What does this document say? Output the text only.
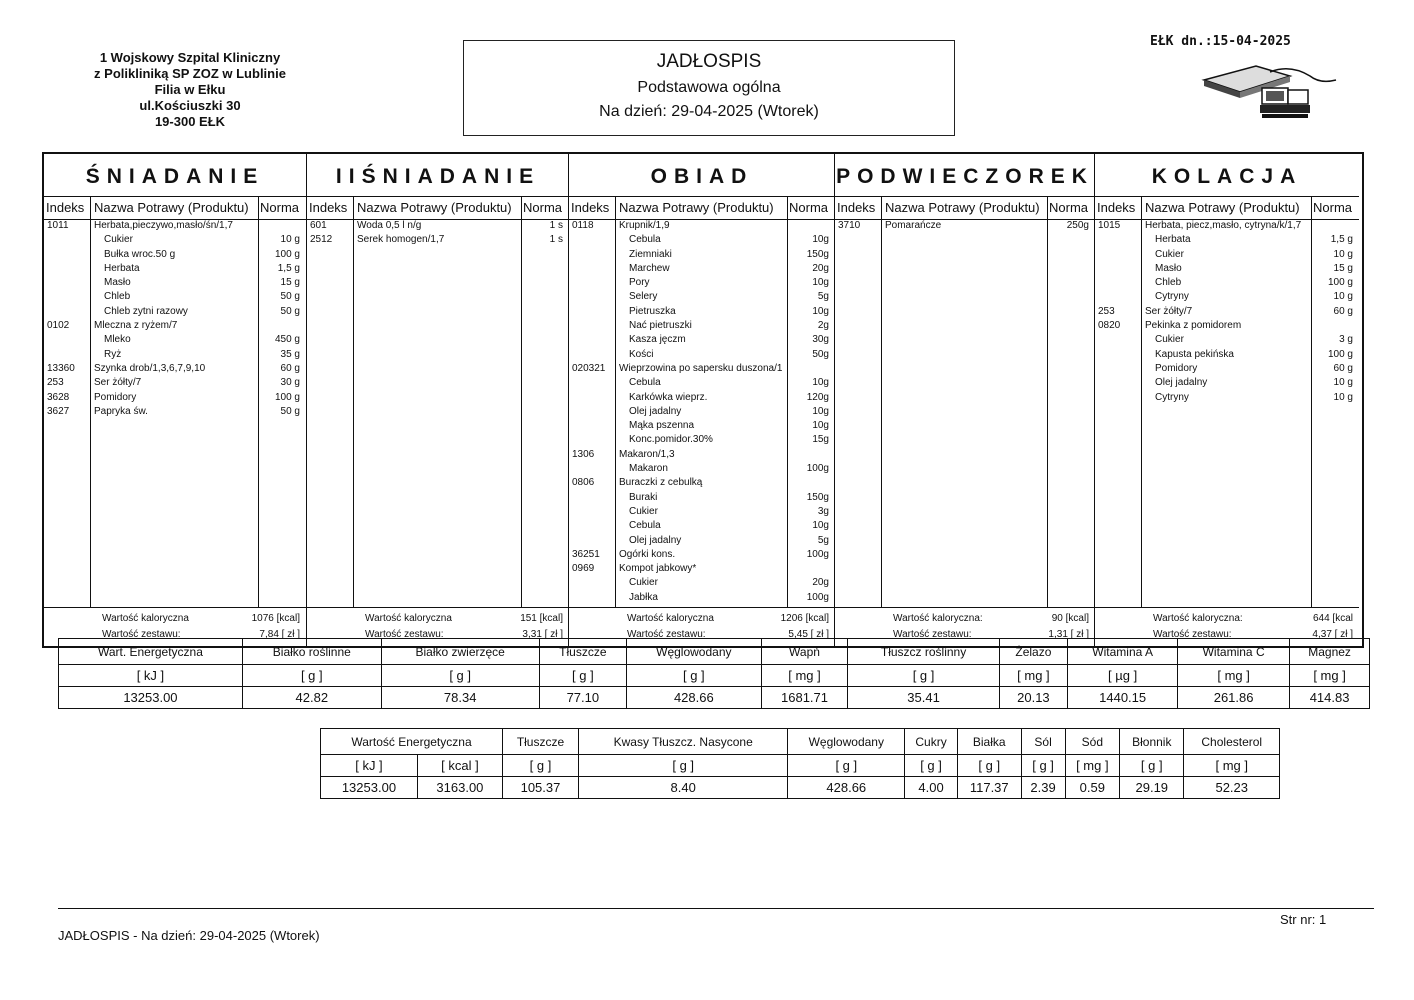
1 Wojskowy Szpital Kliniczny
z Polikliniką SP ZOZ w Lublinie
Filia w Ełku
ul.Kościuszki 30
19-300 EŁK
JADŁOSPIS
Podstawowa ogólna
Na dzień: 29-04-2025 (Wtorek)
EŁK dn.:15-04-2025
ŚNIADANIE
Indeks Nazwa Potrawy (Produktu) Norma
1011	Herbata,pieczywo,masło/śn/1,7
Cukier	10 g
Bułka wroc.50 g	100 g
Herbata	1,5 g
Masło	15 g
Chleb	50 g
Chleb zytni razowy	50 g
0102 Mleczna z ryżem/7
Mleko	450 g
Ryż	35 g
13360 Szynka drob/1,3,6,7,9,10	60 g
253	Ser żółty/7	30 g
3628 Pomidory	100 g
3627 Papryka św.	50 g
Wartość kaloryczna	1076 [kcal]
Wartość zestawu:	7,84 [ zł ]
IIŚNIADANIE
Indeks Nazwa Potrawy (Produktu) Norma
601	Woda 0,5 l n/g	1 s
2512 Serek homogen/1,7	1 s
Wartość kaloryczna	151 [kcal]
Wartość zestawu:	3,31 [ zł ]
OBIAD
Indeks Nazwa Potrawy (Produktu) Norma
0118	Krupnik/1,9
Cebula	10g
Ziemniaki	150g
Marchew	20g
Pory	10g
Selery	5g
Pietruszka	10g
Nać pietruszki	2g
Kasza jęczm	30g
Kości	50g
020321 Wieprzowina po sapersku duszona/1
Cebula	10g
Karkówka wieprz.	120g
Olej jadalny	10g
Mąka pszenna	10g
Konc.pomidor.30%	15g
1306 Makaron/1,3
Makaron	100g
0806 Buraczki z cebulką
Buraki	150g
Cukier	3g
Cebula	10g
Olej jadalny	5g
36251 Ogórki kons.	100g
0969 Kompot jabkowy*
Cukier	20g
Jabłka	100g
Wartość kaloryczna	1206 [kcal]
Wartość zestawu:	5,45 [ zł ]
PODWIECZOREK
Indeks Nazwa Potrawy (Produktu) Norma
3710 Pomarańcze	250g
Wartość kaloryczna:	90 [kcal]
Wartość zestawu:	1,31 [ zł ]
KOLACJA
Indeks Nazwa Potrawy (Produktu) Norma
1015 Herbata, piecz,masło, cytryna/k/1,7
Herbata	1,5 g
Cukier	10 g
Masło	15 g
Chleb	100 g
Cytryny	10 g
253	Ser żółty/7	60 g
0820 Pekinka z pomidorem
Cukier	3 g
Kapusta pekińska	100 g
Pomidory	60 g
Olej jadalny	10 g
Cytryny	10 g
Wartość kaloryczna:	644 [kcal
Wartość zestawu:	4,37 [ zł ]
Wart. Energetyczna	Białko roślinne	Białko zwierzęce	Tłuszcze	Węglowodany	Wapń	Tłuszcz roślinny	Żelazo	Witamina A	Witamina C	Magnez
[ kJ ]	[ g ]	[ g ]	[ g ]	[ g ]	[ mg ]	[ g ]	[ mg ]	[ µg ]	[ mg ]	[ mg ]
13253.00	42.82	78.34	77.10	428.66	1681.71	35.41	20.13	1440.15	261.86	414.83
Wartość Energetyczna		Tłuszcze	Kwasy Tłuszcz. Nasycone	Węglowodany	Cukry	Białka	Sól	Sód	Błonnik	Cholesterol
[ kJ ]	[ kcal ]	[ g ]	[ g ]	[ g ]	[ g ]	[ g ]	[ g ]	[ mg ]	[ g ]	[ mg ]
13253.00	3163.00	105.37	8.40	428.66	4.00	117.37	2.39	0.59	29.19	52.23
JADŁOSPIS - Na dzień: 29-04-2025 (Wtorek)
Str nr: 1
